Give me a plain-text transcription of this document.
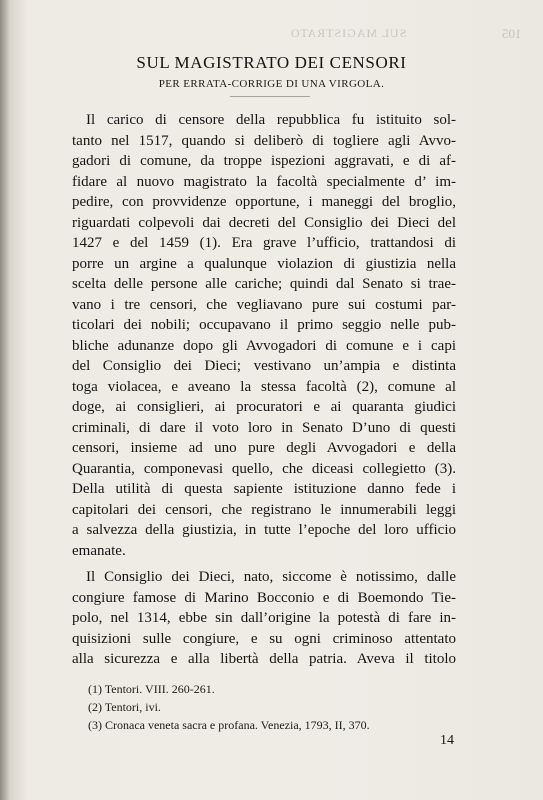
SUL MAGISTRATO	105
SUL MAGISTRATO DEI CENSORI
PER ERRATA-CORRIGE DI UNA VIRGOLA.
Il carico di censore della repubblica fu istituito sol-
tanto nel 1517, quando si deliberò di togliere agli Avvo-
gadori di comune, da troppe ispezioni aggravati, e di af-
fidare al nuovo magistrato la facoltà specialmente d’ im-
pedire, con provvidenze opportune, i maneggi del broglio,
riguardati colpevoli dai decreti del Consiglio dei Dieci del
1427 e del 1459 (1). Era grave l’ufficio, trattandosi di
porre un argine a qualunque violazion di giustizia nella
scelta delle persone alle cariche; quindi dal Senato si trae-
vano i tre censori, che vegliavano pure sui costumi par-
ticolari dei nobili; occupavano il primo seggio nelle pub-
bliche adunanze dopo gli Avvogadori di comune e i capi
del Consiglio dei Dieci; vestivano un’ampia e distinta
toga violacea, e aveano la stessa facoltà (2), comune al
doge, ai consiglieri, ai procuratori e ai quaranta giudici
criminali, di dare il voto loro in Senato D’uno di questi
censori, insieme ad uno pure degli Avvogadori e della
Quarantia, componevasi quello, che diceasi collegietto (3).
Della utilità di questa sapiente istituzione danno fede i
capitolari dei censori, che registrano le innumerabili leggi
a salvezza della giustizia, in tutte l’epoche del loro ufficio
emanate.
Il Consiglio dei Dieci, nato, siccome è notissimo, dalle
congiure famose di Marino Bocconio e di Boemondo Tie-
polo, nel 1314, ebbe sin dall’origine la potestà di fare in-
quisizioni sulle congiure, e su ogni criminoso attentato
alla sicurezza e alla libertà della patria. Aveva il titolo
(1) Tentori. VIII. 260-261.
(2) Tentori, ivi.
(3) Cronaca veneta sacra e profana. Venezia, 1793, II, 370.
14
